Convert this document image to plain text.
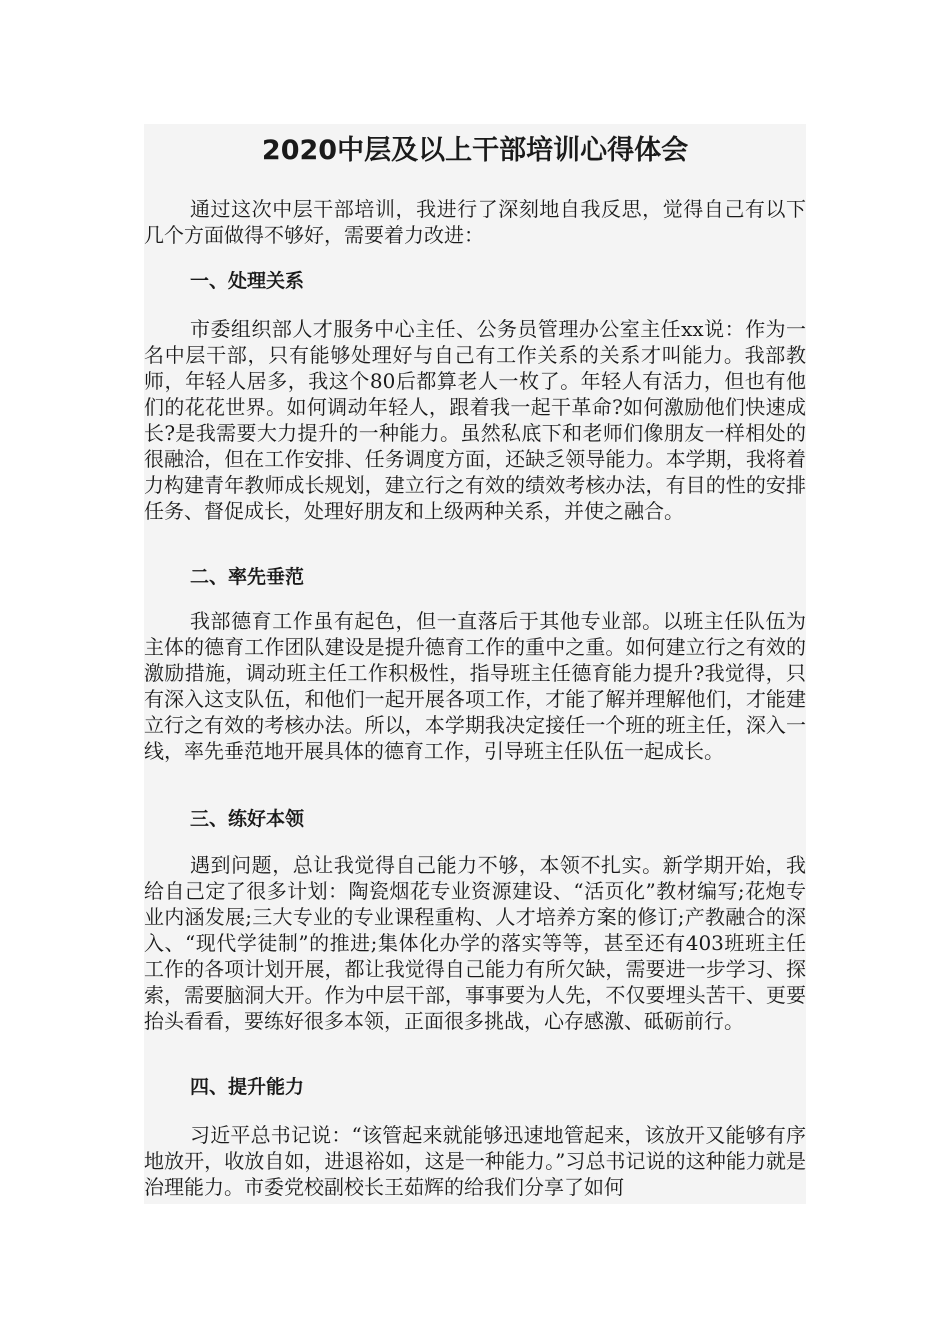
2020中层及以上干部培训心得体会

通过这次中层干部培训，我进行了深刻地自我反思，觉得自己有以下几个方面做得不够好，需要着力改进：

一、处理关系

市委组织部人才服务中心主任、公务员管理办公室主任xx说：作为一名中层干部，只有能够处理好与自己有工作关系的关系才叫能力。我部教师，年轻人居多，我这个80后都算老人一枚了。年轻人有活力，但也有他们的花花世界。如何调动年轻人，跟着我一起干革命?如何激励他们快速成长?是我需要大力提升的一种能力。虽然私底下和老师们像朋友一样相处的很融洽，但在工作安排、任务调度方面，还缺乏领导能力。本学期，我将着力构建青年教师成长规划，建立行之有效的绩效考核办法，有目的性的安排任务、督促成长，处理好朋友和上级两种关系，并使之融合。

二、率先垂范

我部德育工作虽有起色，但一直落后于其他专业部。以班主任队伍为主体的德育工作团队建设是提升德育工作的重中之重。如何建立行之有效的激励措施，调动班主任工作积极性，指导班主任德育能力提升?我觉得，只有深入这支队伍，和他们一起开展各项工作，才能了解并理解他们，才能建立行之有效的考核办法。所以，本学期我决定接任一个班的班主任，深入一线，率先垂范地开展具体的德育工作，引导班主任队伍一起成长。

三、练好本领

遇到问题，总让我觉得自己能力不够，本领不扎实。新学期开始，我给自己定了很多计划：陶瓷烟花专业资源建设、“活页化”教材编写;花炮专业内涵发展;三大专业的专业课程重构、人才培养方案的修订;产教融合的深入、“现代学徒制”的推进;集体化办学的落实等等，甚至还有403班班主任工作的各项计划开展，都让我觉得自己能力有所欠缺，需要进一步学习、探索，需要脑洞大开。作为中层干部，事事要为人先，不仅要埋头苦干、更要抬头看看，要练好很多本领，正面很多挑战，心存感激、砥砺前行。

四、提升能力

习近平总书记说：“该管起来就能够迅速地管起来，该放开又能够有序地放开，收放自如，进退裕如，这是一种能力。”习总书记说的这种能力就是治理能力。市委党校副校长王茹辉的给我们分享了如何
